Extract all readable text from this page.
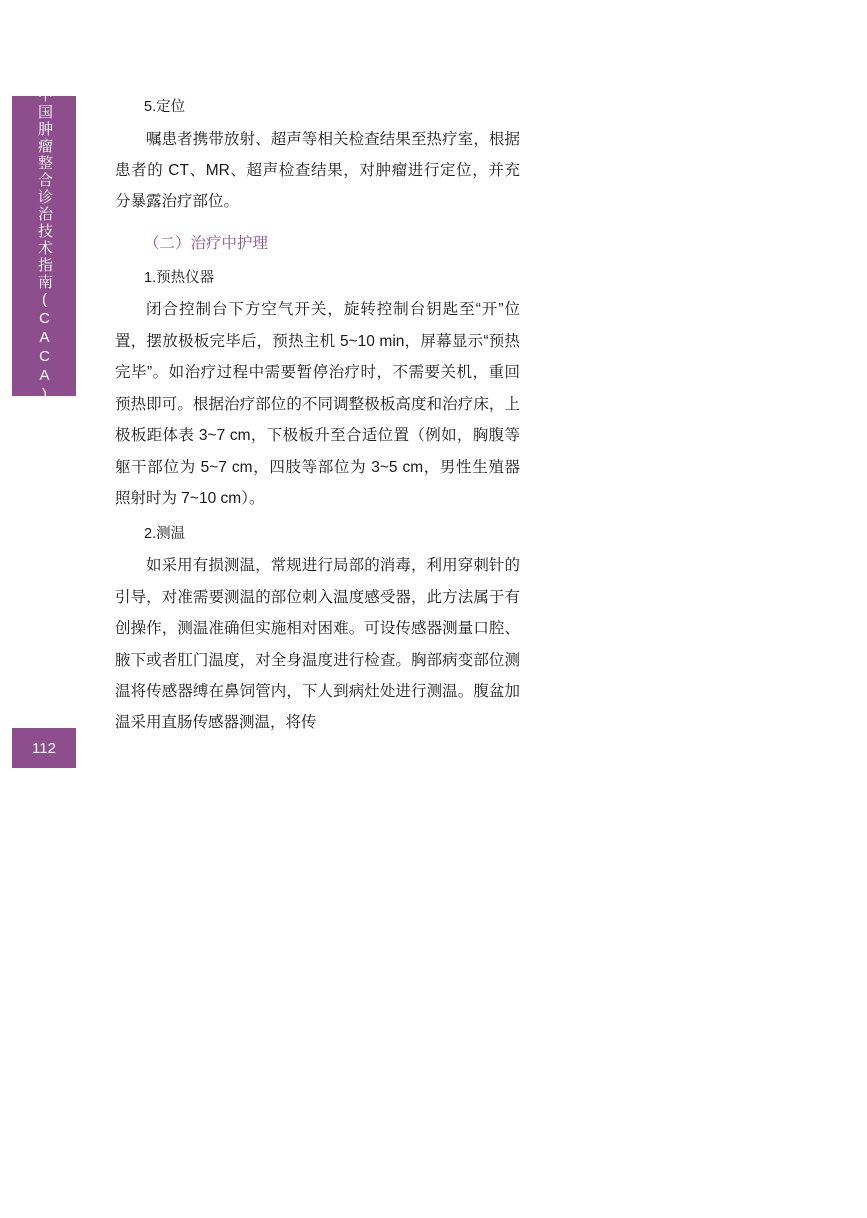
中国肿瘤整合诊治技术指南(CACA)
112
5.定位

嘱患者携带放射、超声等相关检查结果至热疗室，根据患者的 CT、MR、超声检查结果，对肿瘤进行定位，并充分暴露治疗部位。

（二）治疗中护理
1.预热仪器

闭合控制台下方空气开关，旋转控制台钥匙至“开”位置，摆放极板完毕后，预热主机 5~10 min，屏幕显示“预热完毕”。如治疗过程中需要暂停治疗时，不需要关机，重回预热即可。根据治疗部位的不同调整极板高度和治疗床，上极板距体表 3~7 cm，下极板升至合适位置（例如，胸腹等躯干部位为 5~7 cm，四肢等部位为 3~5 cm，男性生殖器照射时为 7~10 cm）。

2.测温

如采用有损测温，常规进行局部的消毒，利用穿刺针的引导，对准需要测温的部位刺入温度感受器，此方法属于有创操作，测温准确但实施相对困难。可设传感器测量口腔、腋下或者肛门温度，对全身温度进行检查。胸部病变部位测温将传感器缚在鼻饲管内，下人到病灶处进行测温。腹盆加温采用直肠传感器测温，将传
